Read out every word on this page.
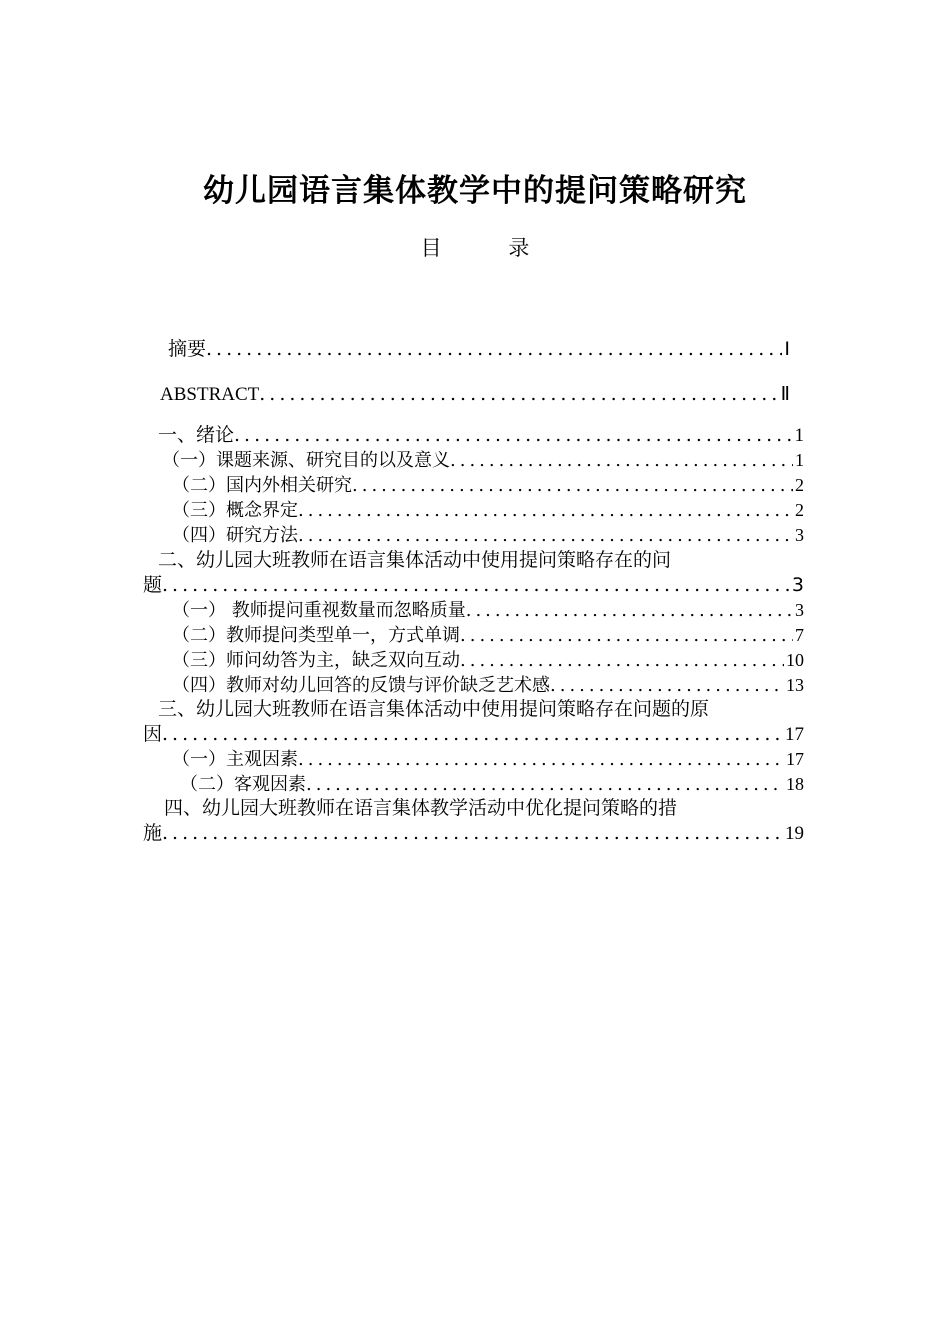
幼儿园语言集体教学中的提问策略研究
目 录
摘要 .....	Ⅰ
ABSTRACT .....	Ⅱ
一、绪论 .....	1
（一）课题来源、研究目的以及意义 .....	1
（二）国内外相关研究 .....	2
（三）概念界定 .....	2
（四）研究方法 .....	3
二、幼儿园大班教师在语言集体活动中使用提问策略存在的问
题 .....	3
（一） 教师提问重视数量而忽略质量 .....	3
（二）教师提问类型单一，方式单调 .....	7
（三）师问幼答为主，缺乏双向互动 .....	10
（四）教师对幼儿回答的反馈与评价缺乏艺术感 .....	13
三、幼儿园大班教师在语言集体活动中使用提问策略存在问题的原
因 .....	17
（一）主观因素 .....	17
（二）客观因素 .....	18
四、幼儿园大班教师在语言集体教学活动中优化提问策略的措
施 .....	19
